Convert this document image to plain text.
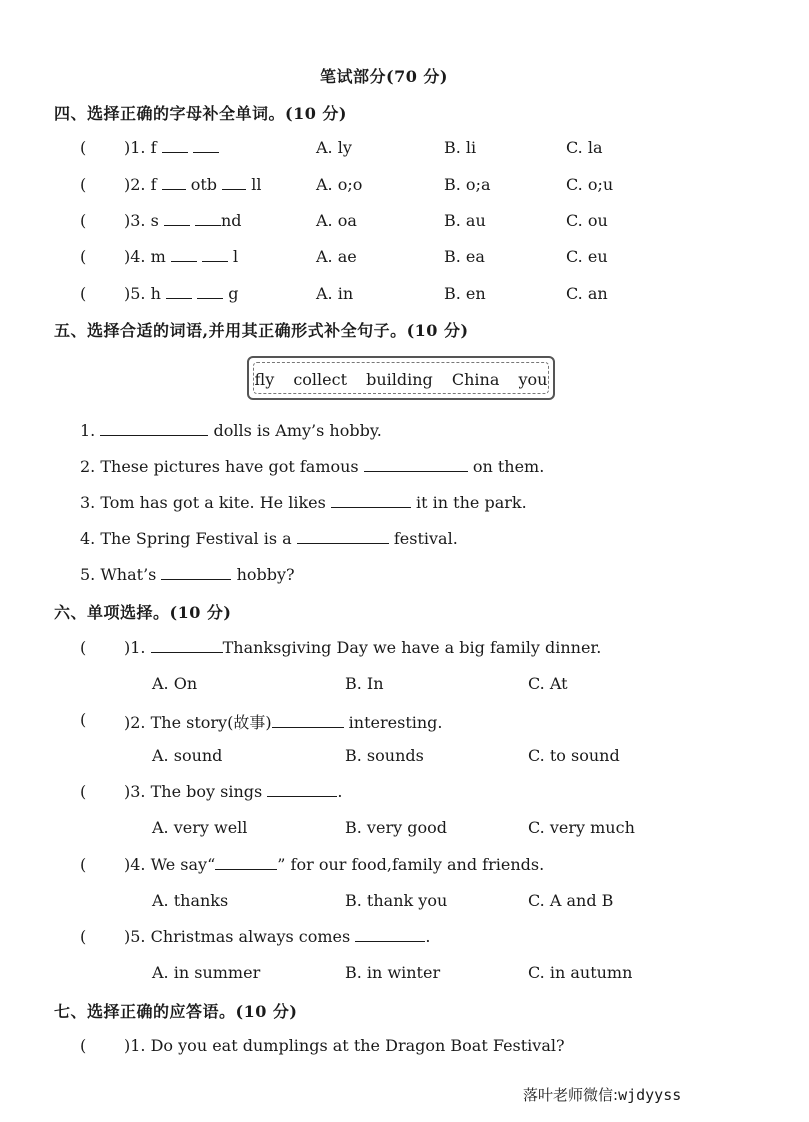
笔试部分(70 分)
四、选择正确的字母补全单词。(10 分)
( )1. f	A. ly	B. li	C. la
( )2. f otb ll	A. o;o	B. o;a	C. o;u
( )3. s	nd	A. oa	B. au	C. ou
( )4. m	l	A. ae	B. ea	C. eu
( )5. h	g	A. in	B. en	C. an
五、选择合适的词语,并用其正确形式补全句子。(10 分)
fly collect building China you
1.	dolls is Amy’s hobby.
2. These pictures have got famous	on them.
3. Tom has got a kite. He likes	it in the park.
4. The Spring Festival is a	festival.
5. What’s	hobby?
六、单项选择。(10 分)
( )1.	Thanksgiving Day we have a big family dinner.
A. On	B. In	C. At
( )2. The story(故事)	interesting.
A. sound	B. sounds	C. to sound
( )3. The boy sings	.
A. very well	B. very good	C. very much
( )4. We say“	” for our food,family and friends.
A. thanks	B. thank you	C. A and B
( )5. Christmas always comes	.
A. in summer	B. in winter	C. in autumn
七、选择正确的应答语。(10 分)
( )1. Do you eat dumplings at the Dragon Boat Festival?
落叶老师微信:wjdyyss
